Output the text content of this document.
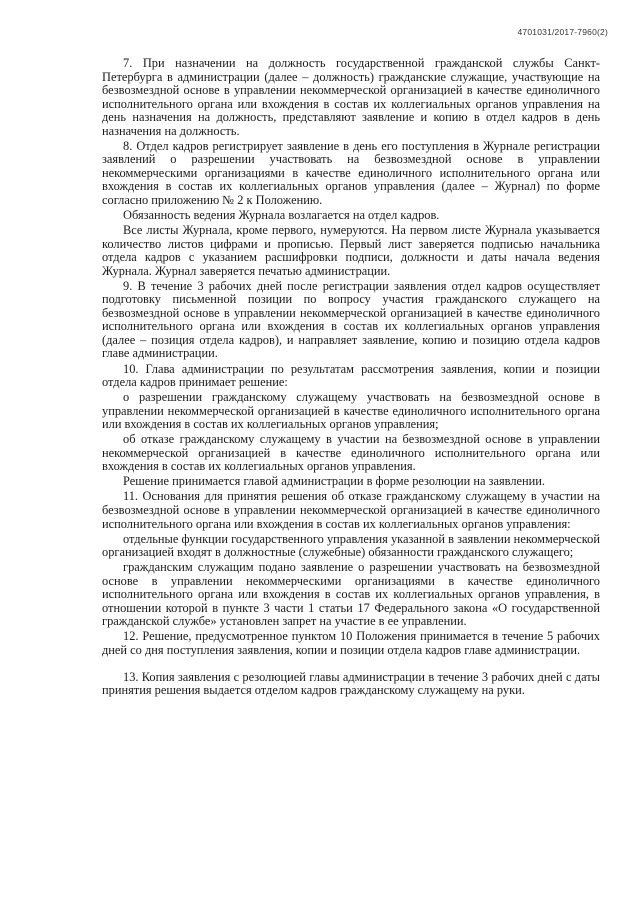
4701031/2017-7960(2)

7. При назначении на должность государственной гражданской службы Санкт-Петербурга в администрации (далее – должность) гражданские служащие, участвующие на безвозмездной основе в управлении некоммерческой организацией в качестве единоличного исполнительного органа или вхождения в состав их коллегиальных органов управления на день назначения на должность, представляют заявление и копию в отдел кадров в день назначения на должность.

8. Отдел кадров регистрирует заявление в день его поступления в Журнале регистрации заявлений о разрешении участвовать на безвозмездной основе в управлении некоммерческими организациями в качестве единоличного исполнительного органа или вхождения в состав их коллегиальных органов управления (далее – Журнал) по форме согласно приложению № 2 к Положению.

Обязанность ведения Журнала возлагается на отдел кадров.

Все листы Журнала, кроме первого, нумеруются. На первом листе Журнала указывается количество листов цифрами и прописью. Первый лист заверяется подписью начальника отдела кадров с указанием расшифровки подписи, должности и даты начала ведения Журнала. Журнал заверяется печатью администрации.

9. В течение 3 рабочих дней после регистрации заявления отдел кадров осуществляет подготовку письменной позиции по вопросу участия гражданского служащего на безвозмездной основе в управлении некоммерческой организацией в качестве единоличного исполнительного органа или вхождения в состав их коллегиальных органов управления (далее – позиция отдела кадров), и направляет заявление, копию и позицию отдела кадров главе администрации.

10. Глава администрации по результатам рассмотрения заявления, копии и позиции отдела кадров принимает решение:

о разрешении гражданскому служащему участвовать на безвозмездной основе в управлении некоммерческой организацией в качестве единоличного исполнительного органа или вхождения в состав их коллегиальных органов управления;

об отказе гражданскому служащему в участии на безвозмездной основе в управлении некоммерческой организацией в качестве единоличного исполнительного органа или вхождения в состав их коллегиальных органов управления.

Решение принимается главой администрации в форме резолюции на заявлении.

11. Основания для принятия решения об отказе гражданскому служащему в участии на безвозмездной основе в управлении некоммерческой организацией в качестве единоличного исполнительного органа или вхождения в состав их коллегиальных органов управления:

отдельные функции государственного управления указанной в заявлении некоммерческой организацией входят в должностные (служебные) обязанности гражданского служащего;

гражданским служащим подано заявление о разрешении участвовать на безвозмездной основе в управлении некоммерческими организациями в качестве единоличного исполнительного органа или вхождения в состав их коллегиальных органов управления, в отношении которой в пункте 3 части 1 статьи 17 Федерального закона «О государственной гражданской службе» установлен запрет на участие в ее управлении.

12. Решение, предусмотренное пунктом 10 Положения принимается в течение 5 рабочих дней со дня поступления заявления, копии и позиции отдела кадров главе администрации.

13. Копия заявления с резолюцией главы администрации в течение 3 рабочих дней с даты принятия решения выдается отделом кадров гражданскому служащему на руки.
